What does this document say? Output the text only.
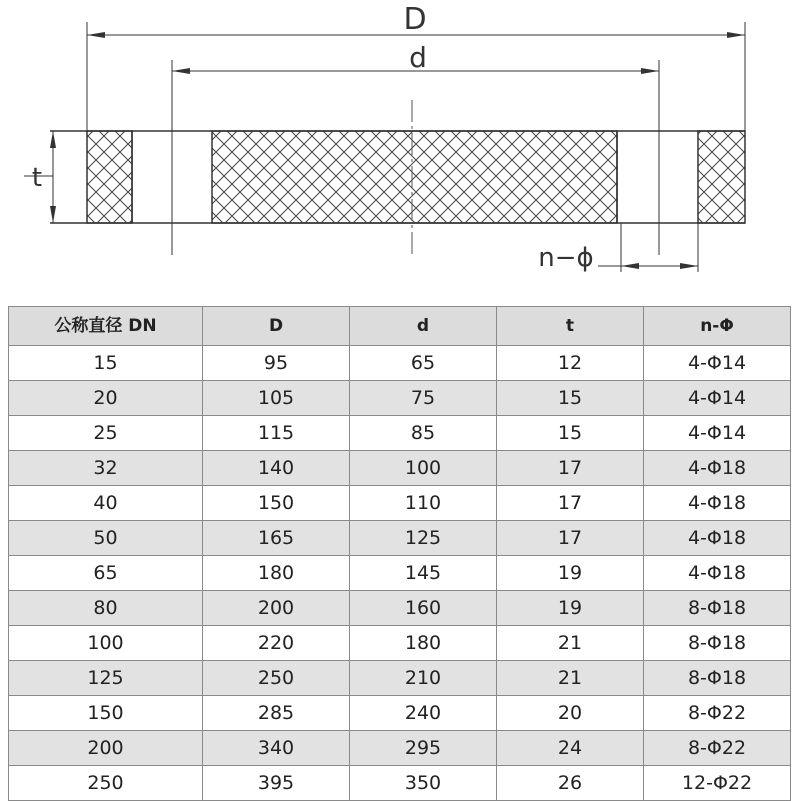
D
d
t
n−ϕ
公称直径 DN	D	d	t	n-Φ
15	95	65	12	4-Φ14
20	105	75	15	4-Φ14
25	115	85	15	4-Φ14
32	140	100	17	4-Φ18
40	150	110	17	4-Φ18
50	165	125	17	4-Φ18
65	180	145	19	4-Φ18
80	200	160	19	8-Φ18
100	220	180	21	8-Φ18
125	250	210	21	8-Φ18
150	285	240	20	8-Φ22
200	340	295	24	8-Φ22
250	395	350	26	12-Φ22
